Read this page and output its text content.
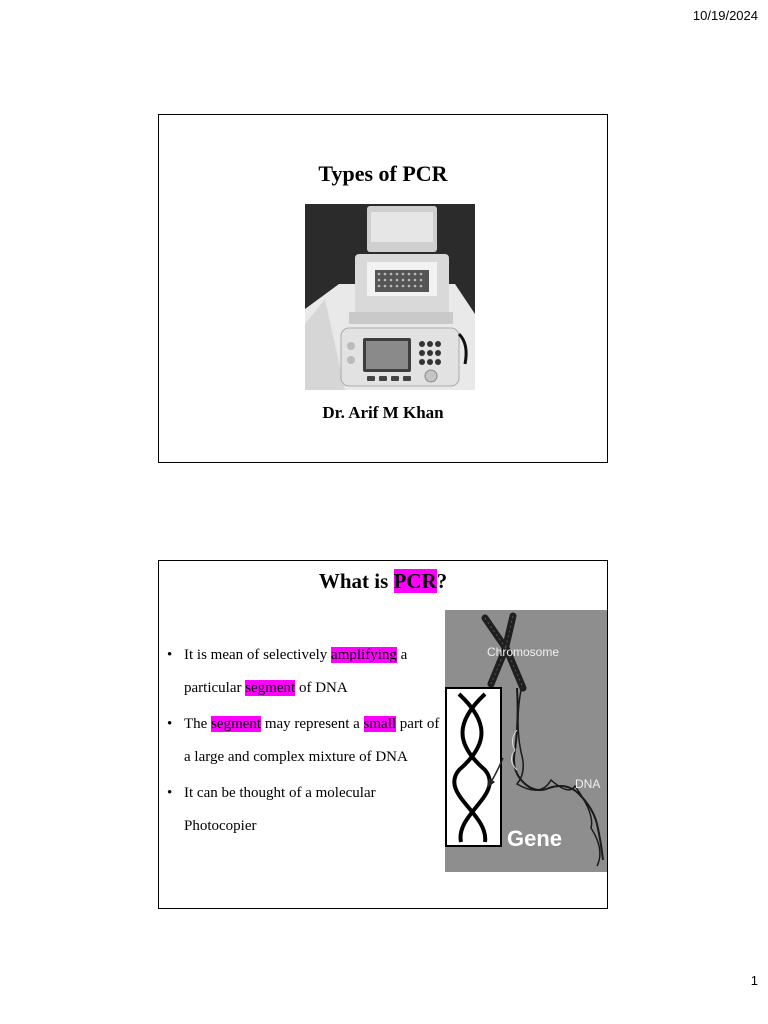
10/19/2024
Types of PCR
Dr. Arif M Khan
What is PCR?
• It is mean of selectively amplifying a particular segment of DNA
• The segment may represent a small part of a large and complex mixture of DNA
• It can be thought of a molecular Photocopier
Chromosome
DNA
Gene
1
